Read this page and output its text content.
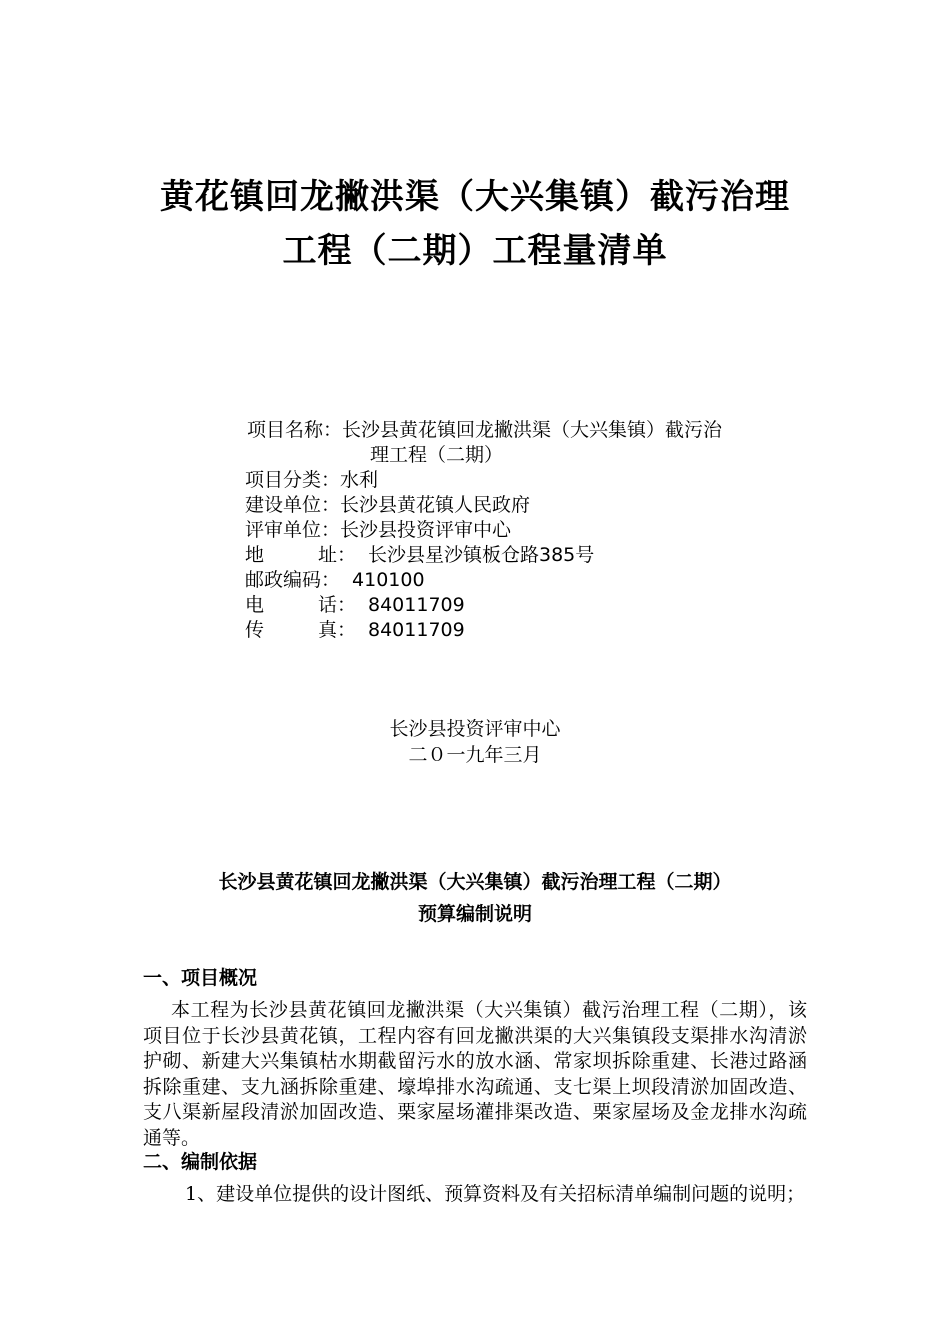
黄花镇回龙撇洪渠（大兴集镇）截污治理
工程（二期）工程量清单
项目名称： 长沙县黄花镇回龙撇洪渠（大兴集镇）截污治
理工程（二期）
项目分类： 水利
建设单位： 长沙县黄花镇人民政府
评审单位： 长沙县投资评审中心
地	址： 长沙县星沙镇板仓路385号
邮政编码： 410100
电	话： 84011709
传	真： 84011709
长沙县投资评审中心
二０一九年三月
长沙县黄花镇回龙撇洪渠（大兴集镇）截污治理工程（二期）
预算编制说明
一、项目概况
本工程为长沙县黄花镇回龙撇洪渠（大兴集镇）截污治理工程（二期），该项目位于长沙县黄花镇，工程内容有回龙撇洪渠的大兴集镇段支渠排水沟清淤护砌、新建大兴集镇枯水期截留污水的放水涵、常家坝拆除重建、长港过路涵拆除重建、支九涵拆除重建、壕埠排水沟疏通、支七渠上坝段清淤加固改造、支八渠新屋段清淤加固改造、栗家屋场灌排渠改造、栗家屋场及金龙排水沟疏通等。
二、编制依据
1、建设单位提供的设计图纸、预算资料及有关招标清单编制问题的说明；
